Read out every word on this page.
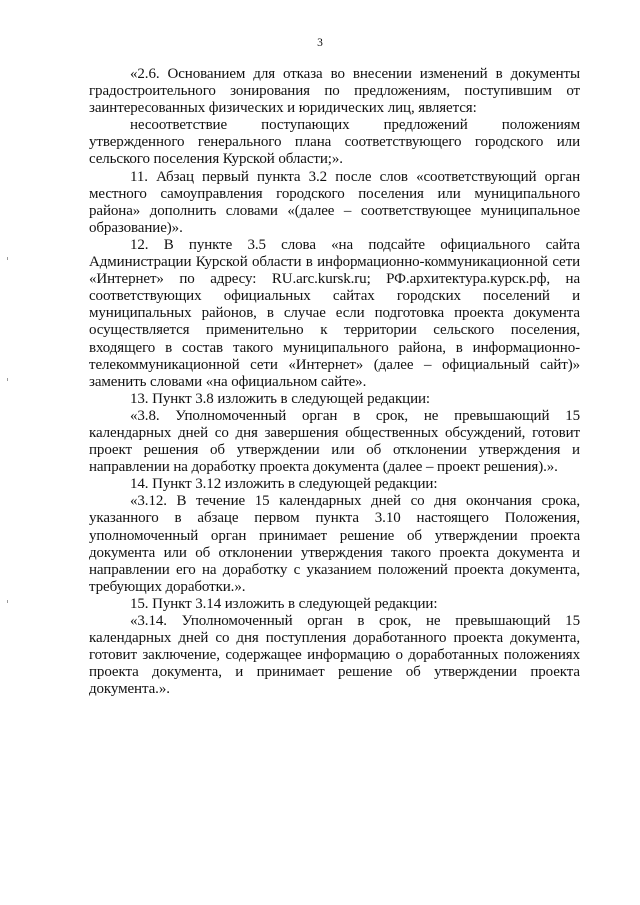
3

«2.6. Основанием для отказа во внесении изменений в документы градостроительного зонирования по предложениям, поступившим от заинтересованных физических и юридических лиц, является:

несоответствие поступающих предложений положениям утвержденного генерального плана соответствующего городского или сельского поселения Курской области;».

11. Абзац первый пункта 3.2 после слов «соответствующий орган местного самоуправления городского поселения или муниципального района» дополнить словами «(далее – соответствующее муниципальное образование)».

12. В пункте 3.5 слова «на подсайте официального сайта Администрации Курской области в информационно-коммуникационной сети «Интернет» по адресу: RU.arc.kursk.ru; РФ.архитектура.курск.рф, на соответствующих официальных сайтах городских поселений и муниципальных районов, в случае если подготовка проекта документа осуществляется применительно к территории сельского поселения, входящего в состав такого муниципального района, в информационно-телекоммуникационной сети «Интернет» (далее – официальный сайт)» заменить словами «на официальном сайте».

13. Пункт 3.8 изложить в следующей редакции:

«3.8. Уполномоченный орган в срок, не превышающий 15 календарных дней со дня завершения общественных обсуждений, готовит проект решения об утверждении или об отклонении утверждения и направлении на доработку проекта документа (далее – проект решения).».

14. Пункт 3.12 изложить в следующей редакции:

«3.12. В течение 15 календарных дней со дня окончания срока, указанного в абзаце первом пункта 3.10 настоящего Положения, уполномоченный орган принимает решение об утверждении проекта документа или об отклонении утверждения такого проекта документа и направлении его на доработку с указанием положений проекта документа, требующих доработки.».

15. Пункт 3.14 изложить в следующей редакции:

«3.14. Уполномоченный орган в срок, не превышающий 15 календарных дней со дня поступления доработанного проекта документа, готовит заключение, содержащее информацию о доработанных положениях проекта документа, и принимает решение об утверждении проекта документа.».
